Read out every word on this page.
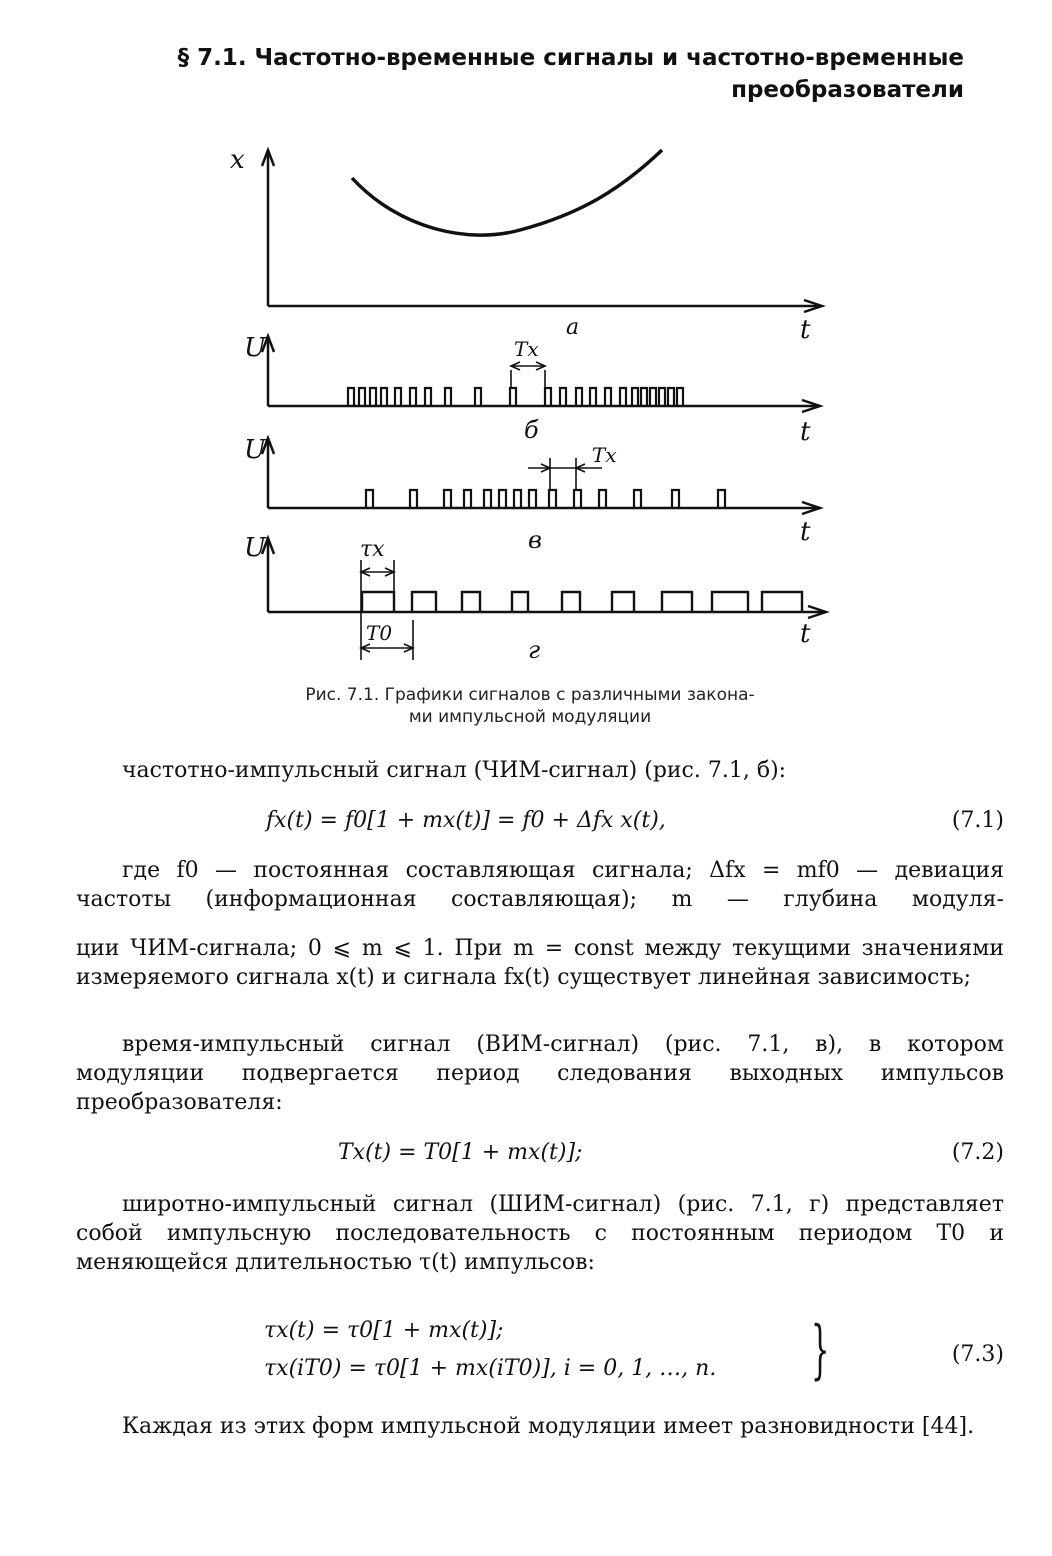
§ 7.1. Частотно-временные сигналы и частотно-временные
преобразователи
x
t
а
U
t
б
Tx
U
t
в
Tx
U
t
г
τx
T0
Рис. 7.1. Графики сигналов с различными закона-
ми импульсной модуляции

частотно-импульсный сигнал (ЧИМ-сигнал) (рис. 7.1, б):

fx(t) = f0[1 + mx(t)] = f0 + Δfx x(t),	(7.1)

где f0 — постоянная составляющая сигнала; Δfx = mf0 — девиация частоты (информационная составляющая); m — глубина модуля-

ции ЧИМ-сигнала; 0 ⩽ m ⩽ 1. При m = const между текущими значениями измеряемого сигнала x(t) и сигнала fx(t) существует линейная зависимость;

время-импульсный сигнал (ВИМ-сигнал) (рис. 7.1, в), в котором модуляции подвергается период следования выходных импульсов преобразователя:

Tx(t) = T0[1 + mx(t)];	(7.2)

широтно-импульсный сигнал (ШИМ-сигнал) (рис. 7.1, г) представляет собой импульсную последовательность с постоянным периодом T0 и меняющейся длительностью τ(t) импульсов:

τx(t) = τ0[1 + mx(t)];
τx(iT0) = τ0[1 + mx(iT0)], i = 0, 1, …, n. }	(7.3)

Каждая из этих форм импульсной модуляции имеет разновидности [44].
